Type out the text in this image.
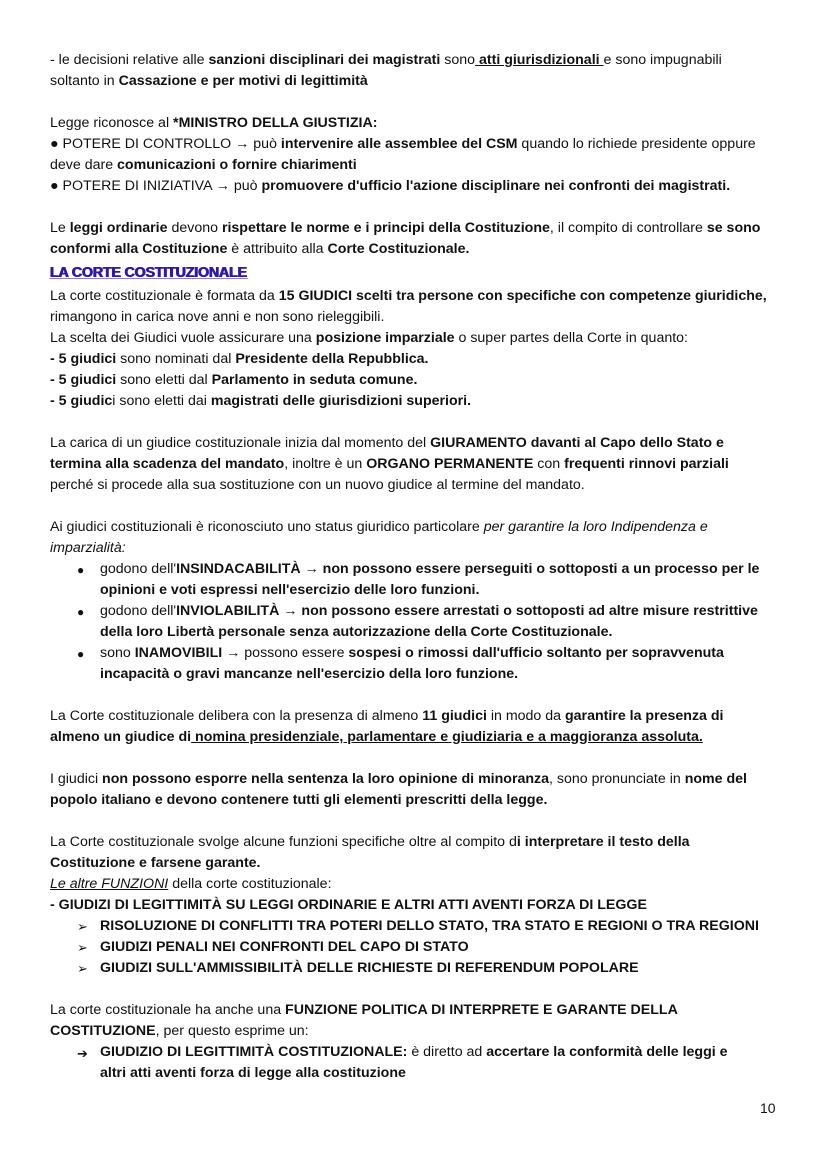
- le decisioni relative alle sanzioni disciplinari dei magistrati sono atti giurisdizionali e sono impugnabili
soltanto in Cassazione e per motivi di legittimità
Legge riconosce al *MINISTRO DELLA GIUSTIZIA:
● POTERE DI CONTROLLO → può intervenire alle assemblee del CSM quando lo richiede presidente oppure
deve dare comunicazioni o fornire chiarimenti
● POTERE DI INIZIATIVA → può promuovere d'ufficio l'azione disciplinare nei confronti dei magistrati.
Le leggi ordinarie devono rispettare le norme e i principi della Costituzione, il compito di controllare se sono
conformi alla Costituzione è attribuito alla Corte Costituzionale.
LA CORTE COSTITUZIONALE
La corte costituzionale è formata da 15 GIUDICI scelti tra persone con specifiche con competenze giuridiche,
rimangono in carica nove anni e non sono rieleggibili.
La scelta dei Giudici vuole assicurare una posizione imparziale o super partes della Corte in quanto:
- 5 giudici sono nominati dal Presidente della Repubblica.
- 5 giudici sono eletti dal Parlamento in seduta comune.
- 5 giudici sono eletti dai magistrati delle giurisdizioni superiori.
La carica di un giudice costituzionale inizia dal momento del GIURAMENTO davanti al Capo dello Stato e
termina alla scadenza del mandato, inoltre è un ORGANO PERMANENTE con frequenti rinnovi parziali
perché si procede alla sua sostituzione con un nuovo giudice al termine del mandato.
Ai giudici costituzionali è riconosciuto uno status giuridico particolare per garantire la loro Indipendenza e
imparzialità:
● godono dell'INSINDACABILITÀ → non possono essere perseguiti o sottoposti a un processo per le
opinioni e voti espressi nell'esercizio delle loro funzioni.
● godono dell'INVIOLABILITÀ → non possono essere arrestati o sottoposti ad altre misure restrittive
della loro Libertà personale senza autorizzazione della Corte Costituzionale.
● sono INAMOVIBILI → possono essere sospesi o rimossi dall'ufficio soltanto per sopravvenuta
incapacità o gravi mancanze nell'esercizio della loro funzione.
La Corte costituzionale delibera con la presenza di almeno 11 giudici in modo da garantire la presenza di
almeno un giudice di nomina presidenziale, parlamentare e giudiziaria e a maggioranza assoluta.
I giudici non possono esporre nella sentenza la loro opinione di minoranza, sono pronunciate in nome del
popolo italiano e devono contenere tutti gli elementi prescritti della legge.
La Corte costituzionale svolge alcune funzioni specifiche oltre al compito di interpretare il testo della
Costituzione e farsene garante.
Le altre FUNZIONI della corte costituzionale:
- GIUDIZI DI LEGITTIMITÀ SU LEGGI ORDINARIE E ALTRI ATTI AVENTI FORZA DI LEGGE
➢ RISOLUZIONE DI CONFLITTI TRA POTERI DELLO STATO, TRA STATO E REGIONI O TRA REGIONI
➢ GIUDIZI PENALI NEI CONFRONTI DEL CAPO DI STATO
➢ GIUDIZI SULL'AMMISSIBILITÀ DELLE RICHIESTE DI REFERENDUM POPOLARE
La corte costituzionale ha anche una FUNZIONE POLITICA DI INTERPRETE E GARANTE DELLA
COSTITUZIONE, per questo esprime un:
➔ GIUDIZIO DI LEGITTIMITÀ COSTITUZIONALE: è diretto ad accertare la conformità delle leggi e
altri atti aventi forza di legge alla costituzione
10
